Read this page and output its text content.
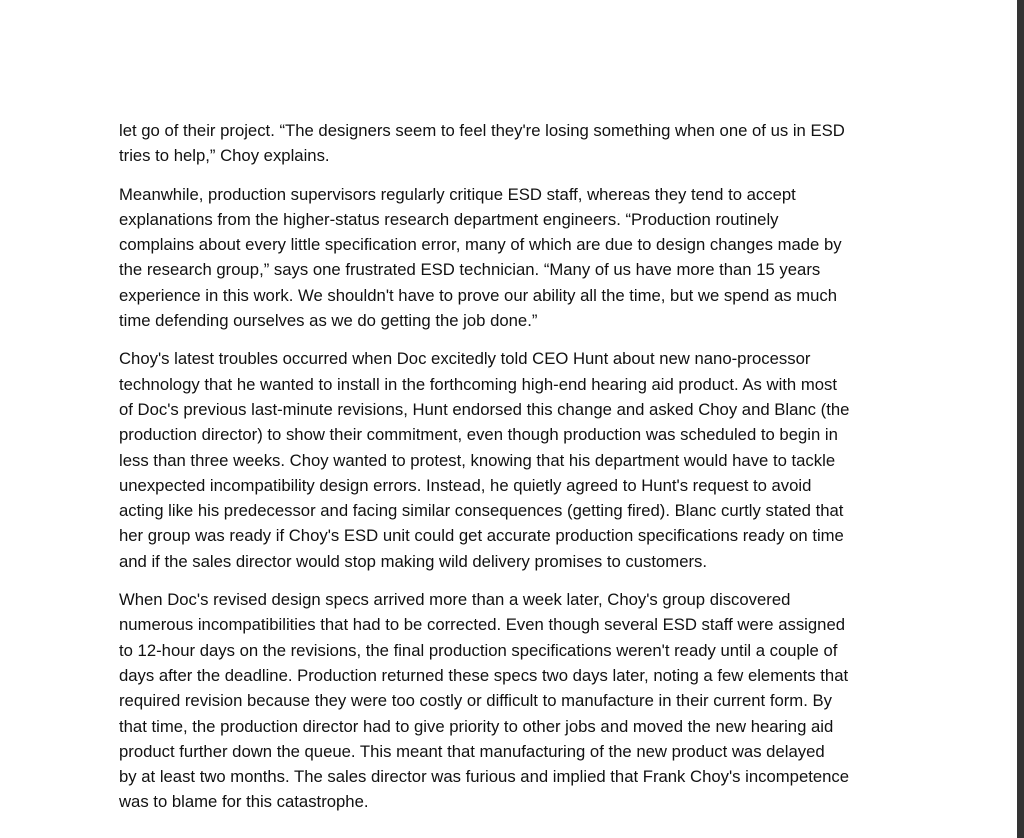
let go of their project. “The designers seem to feel they're losing something when one of us in ESD
tries to help,” Choy explains.

Meanwhile, production supervisors regularly critique ESD staff, whereas they tend to accept
explanations from the higher-status research department engineers. “Production routinely
complains about every little specification error, many of which are due to design changes made by
the research group,” says one frustrated ESD technician. “Many of us have more than 15 years
experience in this work. We shouldn't have to prove our ability all the time, but we spend as much
time defending ourselves as we do getting the job done.”

Choy's latest troubles occurred when Doc excitedly told CEO Hunt about new nano-processor
technology that he wanted to install in the forthcoming high-end hearing aid product. As with most
of Doc's previous last-minute revisions, Hunt endorsed this change and asked Choy and Blanc (the
production director) to show their commitment, even though production was scheduled to begin in
less than three weeks. Choy wanted to protest, knowing that his department would have to tackle
unexpected incompatibility design errors. Instead, he quietly agreed to Hunt's request to avoid
acting like his predecessor and facing similar consequences (getting fired). Blanc curtly stated that
her group was ready if Choy's ESD unit could get accurate production specifications ready on time
and if the sales director would stop making wild delivery promises to customers.

When Doc's revised design specs arrived more than a week later, Choy's group discovered
numerous incompatibilities that had to be corrected. Even though several ESD staff were assigned
to 12-hour days on the revisions, the final production specifications weren't ready until a couple of
days after the deadline. Production returned these specs two days later, noting a few elements that
required revision because they were too costly or difficult to manufacture in their current form. By
that time, the production director had to give priority to other jobs and moved the new hearing aid
product further down the queue. This meant that manufacturing of the new product was delayed
by at least two months. The sales director was furious and implied that Frank Choy's incompetence
was to blame for this catastrophe.
